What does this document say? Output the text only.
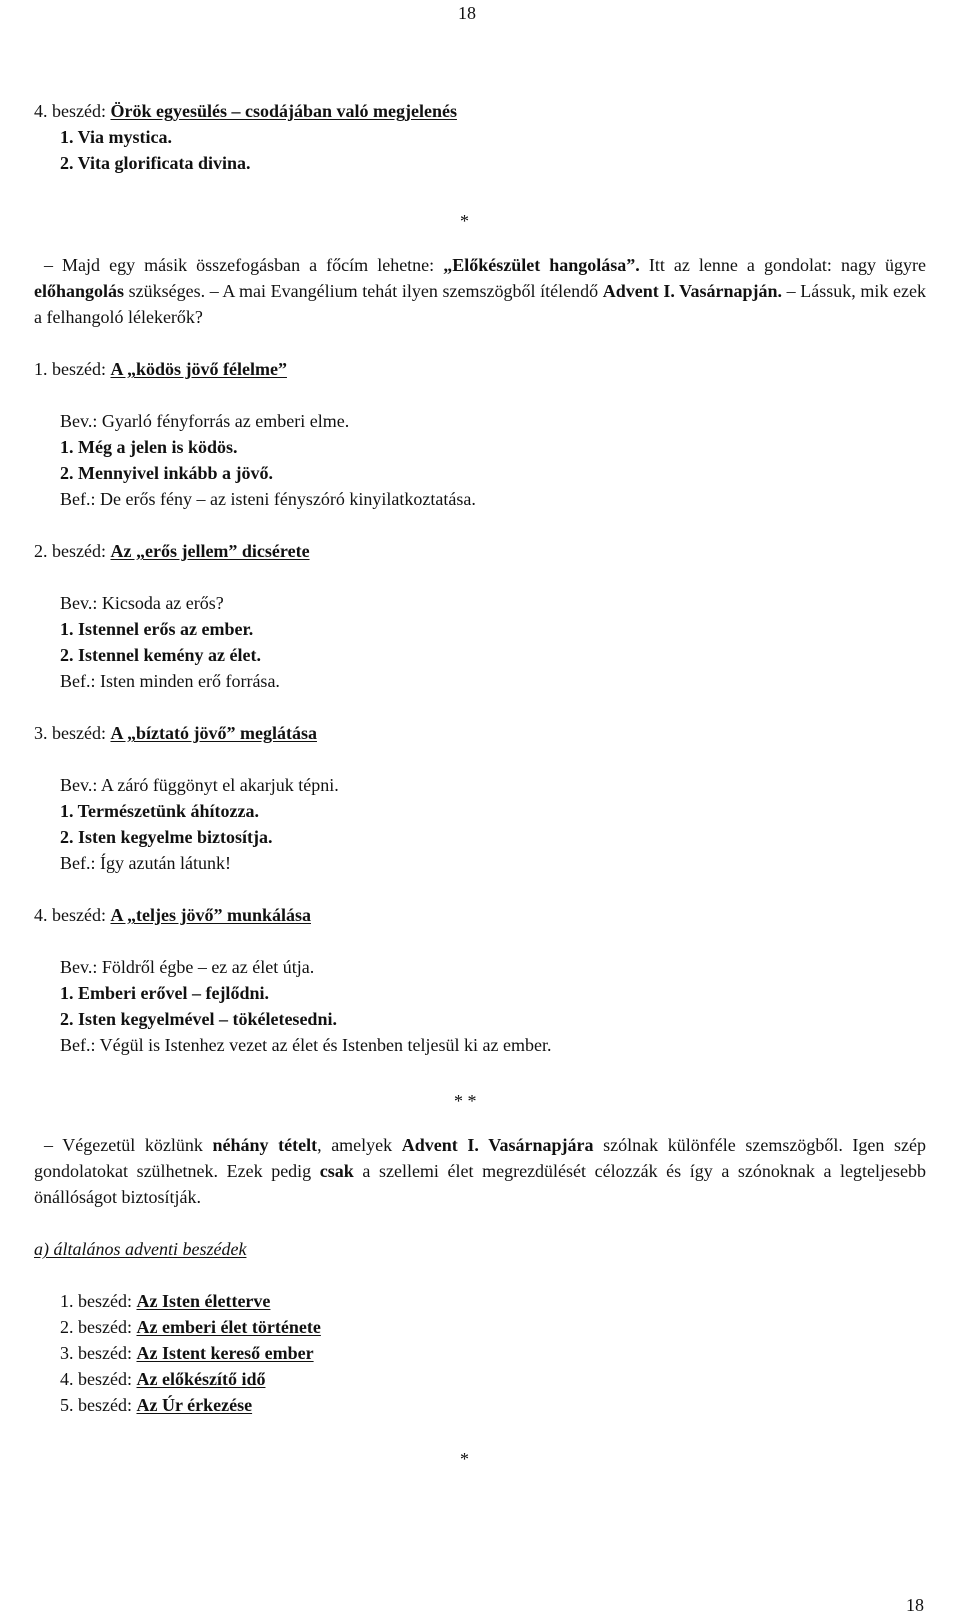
18
18
4. beszéd: Örök egyesülés – csodájában való megjelenés
1. Via mystica.
2. Vita glorificata divina.
*
– Majd egy másik összefogásban a főcím lehetne: „Előkészület hangolása”. Itt az lenne a gondolat: nagy ügyre előhangolás szükséges. – A mai Evangélium tehát ilyen szemszögből ítélendő Advent I. Vasárnapján. – Lássuk, mik ezek a felhangoló lélekerők?
1. beszéd: A „ködös jövő félelme”
Bev.: Gyarló fényforrás az emberi elme.
1. Még a jelen is ködös.
2. Mennyivel inkább a jövő.
Bef.: De erős fény – az isteni fényszóró kinyilatkoztatása.
2. beszéd: Az „erős jellem” dicsérete
Bev.: Kicsoda az erős?
1. Istennel erős az ember.
2. Istennel kemény az élet.
Bef.: Isten minden erő forrása.
3. beszéd: A „bíztató jövő” meglátása
Bev.: A záró függönyt el akarjuk tépni.
1. Természetünk áhítozza.
2. Isten kegyelme biztosítja.
Bef.: Így azután látunk!
4. beszéd: A „teljes jövő” munkálása
Bev.: Földről égbe – ez az élet útja.
1. Emberi erővel – fejlődni.
2. Isten kegyelmével – tökéletesedni.
Bef.: Végül is Istenhez vezet az élet és Istenben teljesül ki az ember.
* *
– Végezetül közlünk néhány tételt, amelyek Advent I. Vasárnapjára szólnak különféle szemszögből. Igen szép gondolatokat szülhetnek. Ezek pedig csak a szellemi élet megrezdülését célozzák és így a szónoknak a legteljesebb önállóságot biztosítják.
a) általános adventi beszédek
1. beszéd: Az Isten életterve
2. beszéd: Az emberi élet története
3. beszéd: Az Istent kereső ember
4. beszéd: Az előkészítő idő
5. beszéd: Az Úr érkezése
*
